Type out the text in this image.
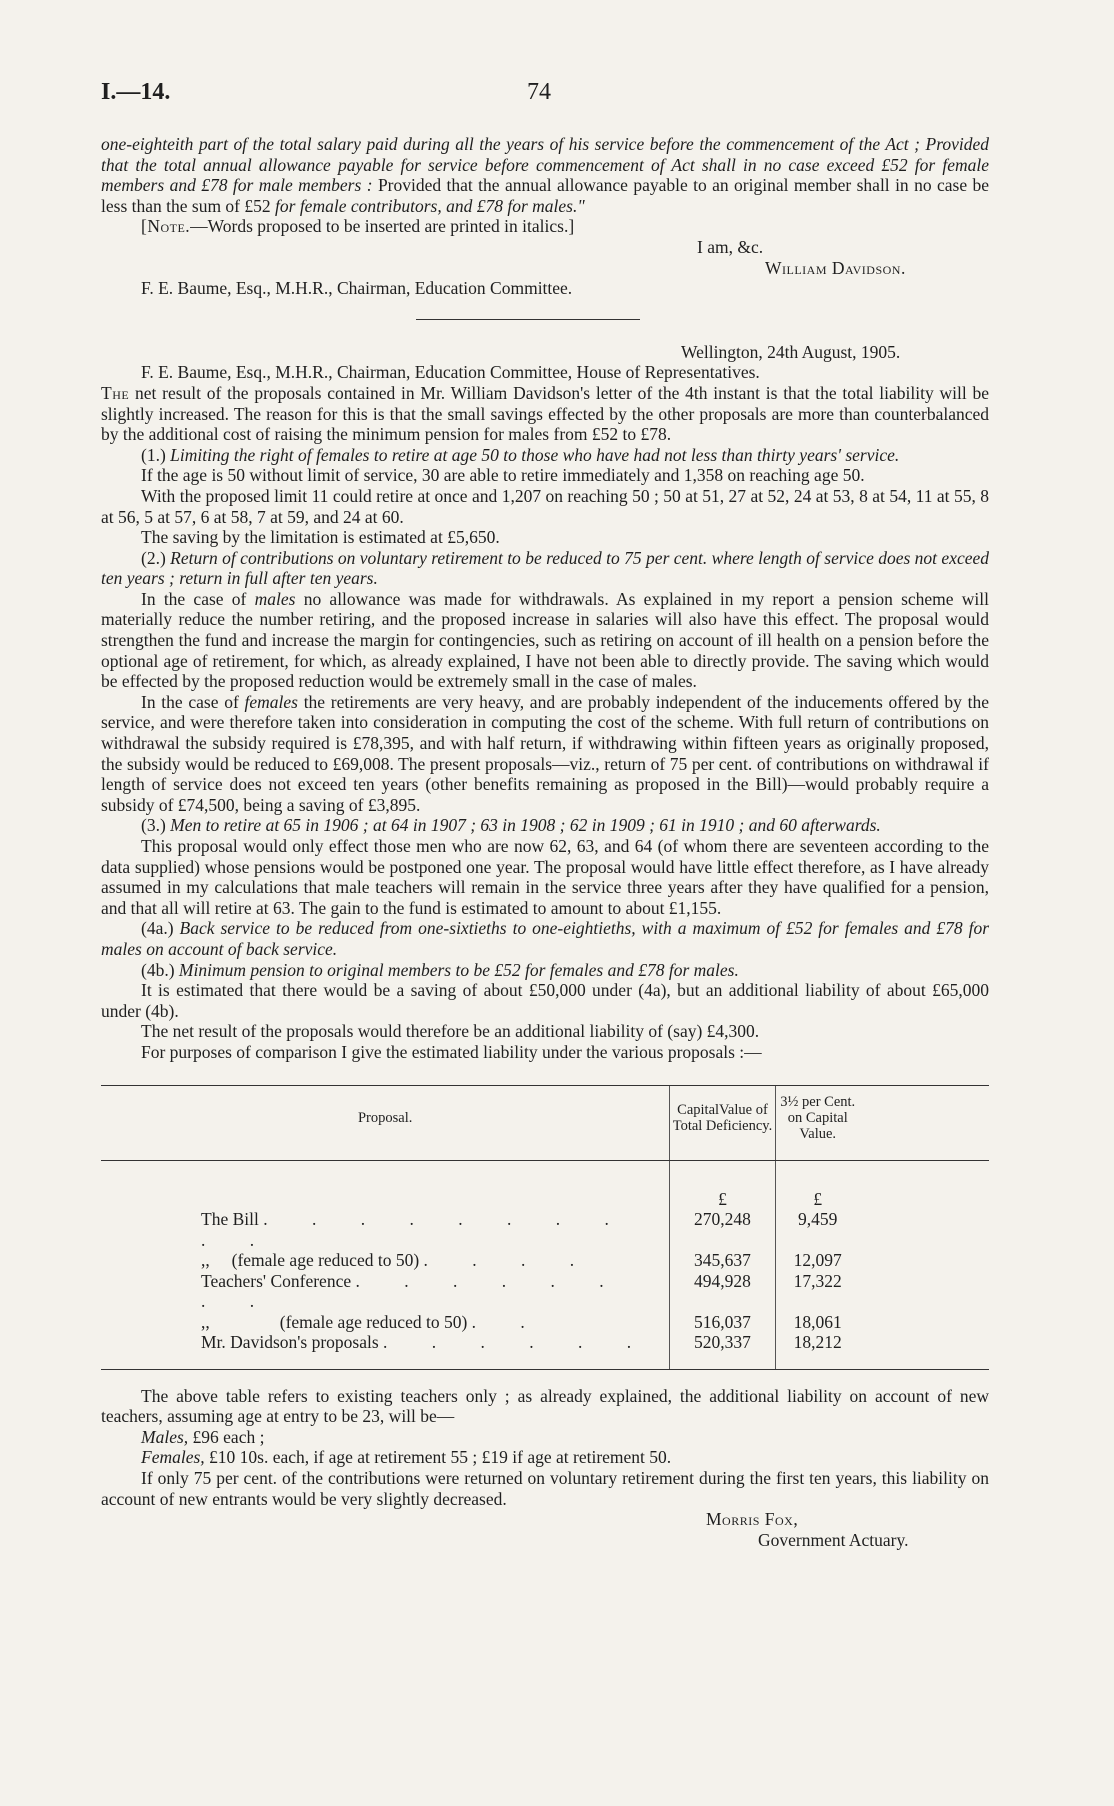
I.—14.	74

one-eighteith part of the total salary paid during all the years of his service before the commencement of the Act ; Provided that the total annual allowance payable for service before commencement of Act shall in no case exceed £52 for female members and £78 for male members : Provided that the annual allowance payable to an original member shall in no case be less than the sum of £52 for female contributors, and £78 for males."

[Note.—Words proposed to be inserted are printed in italics.]

I am, &c.

William Davidson.

F. E. Baume, Esq., M.H.R., Chairman, Education Committee.

Wellington, 24th August, 1905.

F. E. Baume, Esq., M.H.R., Chairman, Education Committee, House of Representatives.

The net result of the proposals contained in Mr. William Davidson's letter of the 4th instant is that the total liability will be slightly increased. The reason for this is that the small savings effected by the other proposals are more than counterbalanced by the additional cost of raising the minimum pension for males from £52 to £78.

(1.) Limiting the right of females to retire at age 50 to those who have had not less than thirty years' service.

If the age is 50 without limit of service, 30 are able to retire immediately and 1,358 on reaching age 50.

With the proposed limit 11 could retire at once and 1,207 on reaching 50 ; 50 at 51, 27 at 52, 24 at 53, 8 at 54, 11 at 55, 8 at 56, 5 at 57, 6 at 58, 7 at 59, and 24 at 60.

The saving by the limitation is estimated at £5,650.

(2.) Return of contributions on voluntary retirement to be reduced to 75 per cent. where length of service does not exceed ten years ; return in full after ten years.

In the case of males no allowance was made for withdrawals. As explained in my report a pension scheme will materially reduce the number retiring, and the proposed increase in salaries will also have this effect. The proposal would strengthen the fund and increase the margin for contingencies, such as retiring on account of ill health on a pension before the optional age of retirement, for which, as already explained, I have not been able to directly provide. The saving which would be effected by the proposed reduction would be extremely small in the case of males.

In the case of females the retirements are very heavy, and are probably independent of the inducements offered by the service, and were therefore taken into consideration in computing the cost of the scheme. With full return of contributions on withdrawal the subsidy required is £78,395, and with half return, if withdrawing within fifteen years as originally proposed, the subsidy would be reduced to £69,008. The present proposals—viz., return of 75 per cent. of contributions on withdrawal if length of service does not exceed ten years (other benefits remaining as proposed in the Bill)—would probably require a subsidy of £74,500, being a saving of £3,895.

(3.) Men to retire at 65 in 1906 ; at 64 in 1907 ; 63 in 1908 ; 62 in 1909 ; 61 in 1910 ; and 60 afterwards.

This proposal would only effect those men who are now 62, 63, and 64 (of whom there are seventeen according to the data supplied) whose pensions would be postponed one year. The proposal would have little effect therefore, as I have already assumed in my calculations that male teachers will remain in the service three years after they have qualified for a pension, and that all will retire at 63. The gain to the fund is estimated to amount to about £1,155.

(4a.) Back service to be reduced from one-sixtieths to one-eightieths, with a maximum of £52 for females and £78 for males on account of back service.

(4b.) Minimum pension to original members to be £52 for females and £78 for males.

It is estimated that there would be a saving of about £50,000 under (4a), but an additional liability of about £65,000 under (4b).

The net result of the proposals would therefore be an additional liability of (say) £4,300.

For purposes of comparison I give the estimated liability under the various proposals :—

Proposal.	CapitalValue of Total Deficiency.	3½ per Cent. on Capital Value.	

	£	£	
The Bill . . . . . . . . . .	270,248	9,459	
,,     (female age reduced to 50) . . . .	345,637	12,097	
Teachers' Conference . . . . . . . .	494,928	17,322	
,,                (female age reduced to 50) . .	516,037	18,061	
Mr. Davidson's proposals . . . . . .	520,337	18,212	

The above table refers to existing teachers only ; as already explained, the additional liability on account of new teachers, assuming age at entry to be 23, will be—

Males, £96 each ;

Females, £10 10s. each, if age at retirement 55 ; £19 if age at retirement 50.

If only 75 per cent. of the contributions were returned on voluntary retirement during the first ten years, this liability on account of new entrants would be very slightly decreased.

Morris Fox,

Government Actuary.
